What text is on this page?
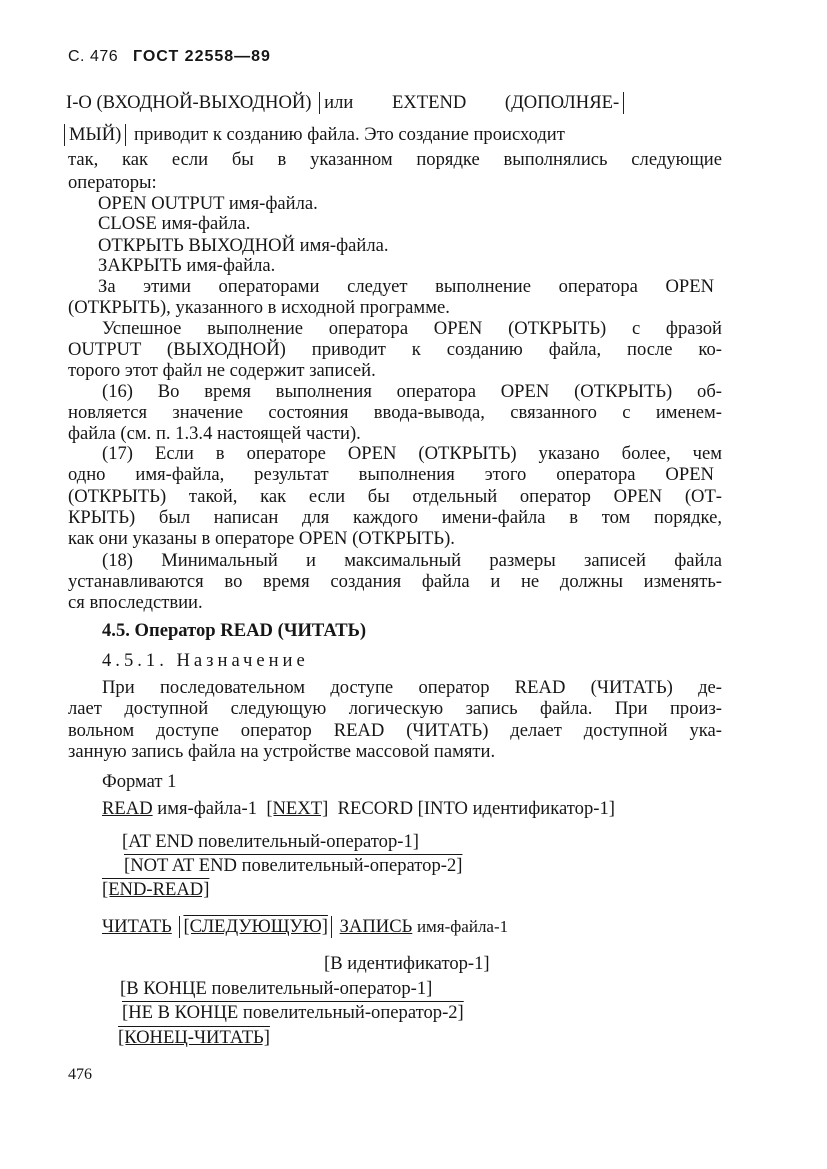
С. 476 ГОСТ 22558—89
I-O (ВХОДНОЙ-ВЫХОДНОЙ) или EXTEND (ДОПОЛНЯЕ-
МЫЙ) приводит к созданию файла. Это создание происходит
так, как если бы в указанном порядке выполнялись следующие
операторы:
OPEN OUTPUT имя-файла.
CLOSE имя-файла.
ОТКРЫТЬ ВЫХОДНОЙ имя-файла.
ЗАКРЫТЬ имя-файла.
За этими операторами следует выполнение оператора OPEN
(ОТКРЫТЬ), указанного в исходной программе.
Успешное выполнение оператора OPEN (ОТКРЫТЬ) с фразой
OUTPUT (ВЫХОДНОЙ) приводит к созданию файла, после ко-
торого этот файл не содержит записей.
(16) Во время выполнения оператора OPEN (ОТКРЫТЬ) об-
новляется значение состояния ввода-вывода, связанного с именем-
файла (см. п. 1.3.4 настоящей части).
(17) Если в операторе OPEN (ОТКРЫТЬ) указано более, чем
одно имя-файла, результат выполнения этого оператора OPEN
(ОТКРЫТЬ) такой, как если бы отдельный оператор OPEN (ОТ-
КРЫТЬ) был написан для каждого имени-файла в том порядке,
как они указаны в операторе OPEN (ОТКРЫТЬ).
(18) Минимальный и максимальный размеры записей файла
устанавливаются во время создания файла и не должны изменять-
ся впоследствии.
4.5. Оператор READ (ЧИТАТЬ)
4.5.1. Назначение
При последовательном доступе оператор READ (ЧИТАТЬ) де-
лает доступной следующую логическую запись файла. При произ-
вольном доступе оператор READ (ЧИТАТЬ) делает доступной ука-
занную запись файла на устройстве массовой памяти.
Формат 1
READ имя-файла-1 [NEXT] RECORD [INTO идентификатор-1]
[AT END повелительный-оператор-1]
[NOT AT END повелительный-оператор-2]
[END-READ]
ЧИТАТЬ [СЛЕДУЮЩУЮ] ЗАПИСЬ имя-файла-1
[В идентификатор-1]
[В КОНЦЕ повелительный-оператор-1]
[НЕ В КОНЦЕ повелительный-оператор-2]
[КОНЕЦ-ЧИТАТЬ]
476
